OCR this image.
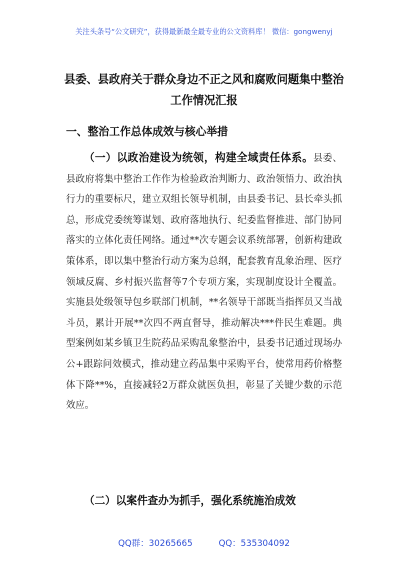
关注头条号“公文研究”，获得最新最全最专业的公文资料库！ 微信：gongwenyj
县委、县政府关于群众身边不正之风和腐败问题集中整治
工作情况汇报
一、整治工作总体成效与核心举措
（一）以政治建设为统领，构建全域责任体系。县委、县政府将集中整治工作作为检验政治判断力、政治领悟力、政治执行力的重要标尺，建立双组长领导机制，由县委书记、县长牵头抓总，形成党委统筹谋划、政府落地执行、纪委监督推进、部门协同落实的立体化责任网络。通过**次专题会议系统部署，创新构建政策体系，即以集中整治行动方案为总纲，配套教育乱象治理、医疗领域反腐、乡村振兴监督等7个专项方案，实现制度设计全覆盖。实施县处级领导包乡联部门机制，**名领导干部既当指挥员又当战斗员，累计开展**次四不两直督导，推动解决***件民生难题。典型案例如某乡镇卫生院药品采购乱象整治中，县委书记通过现场办公+跟踪问效模式，推动建立药品集中采购平台，使常用药价格整体下降**%，直接减轻2万群众就医负担，彰显了关键少数的示范效应。
（二）以案件查办为抓手，强化系统施治成效
QQ群：30265665	QQ：535304092
